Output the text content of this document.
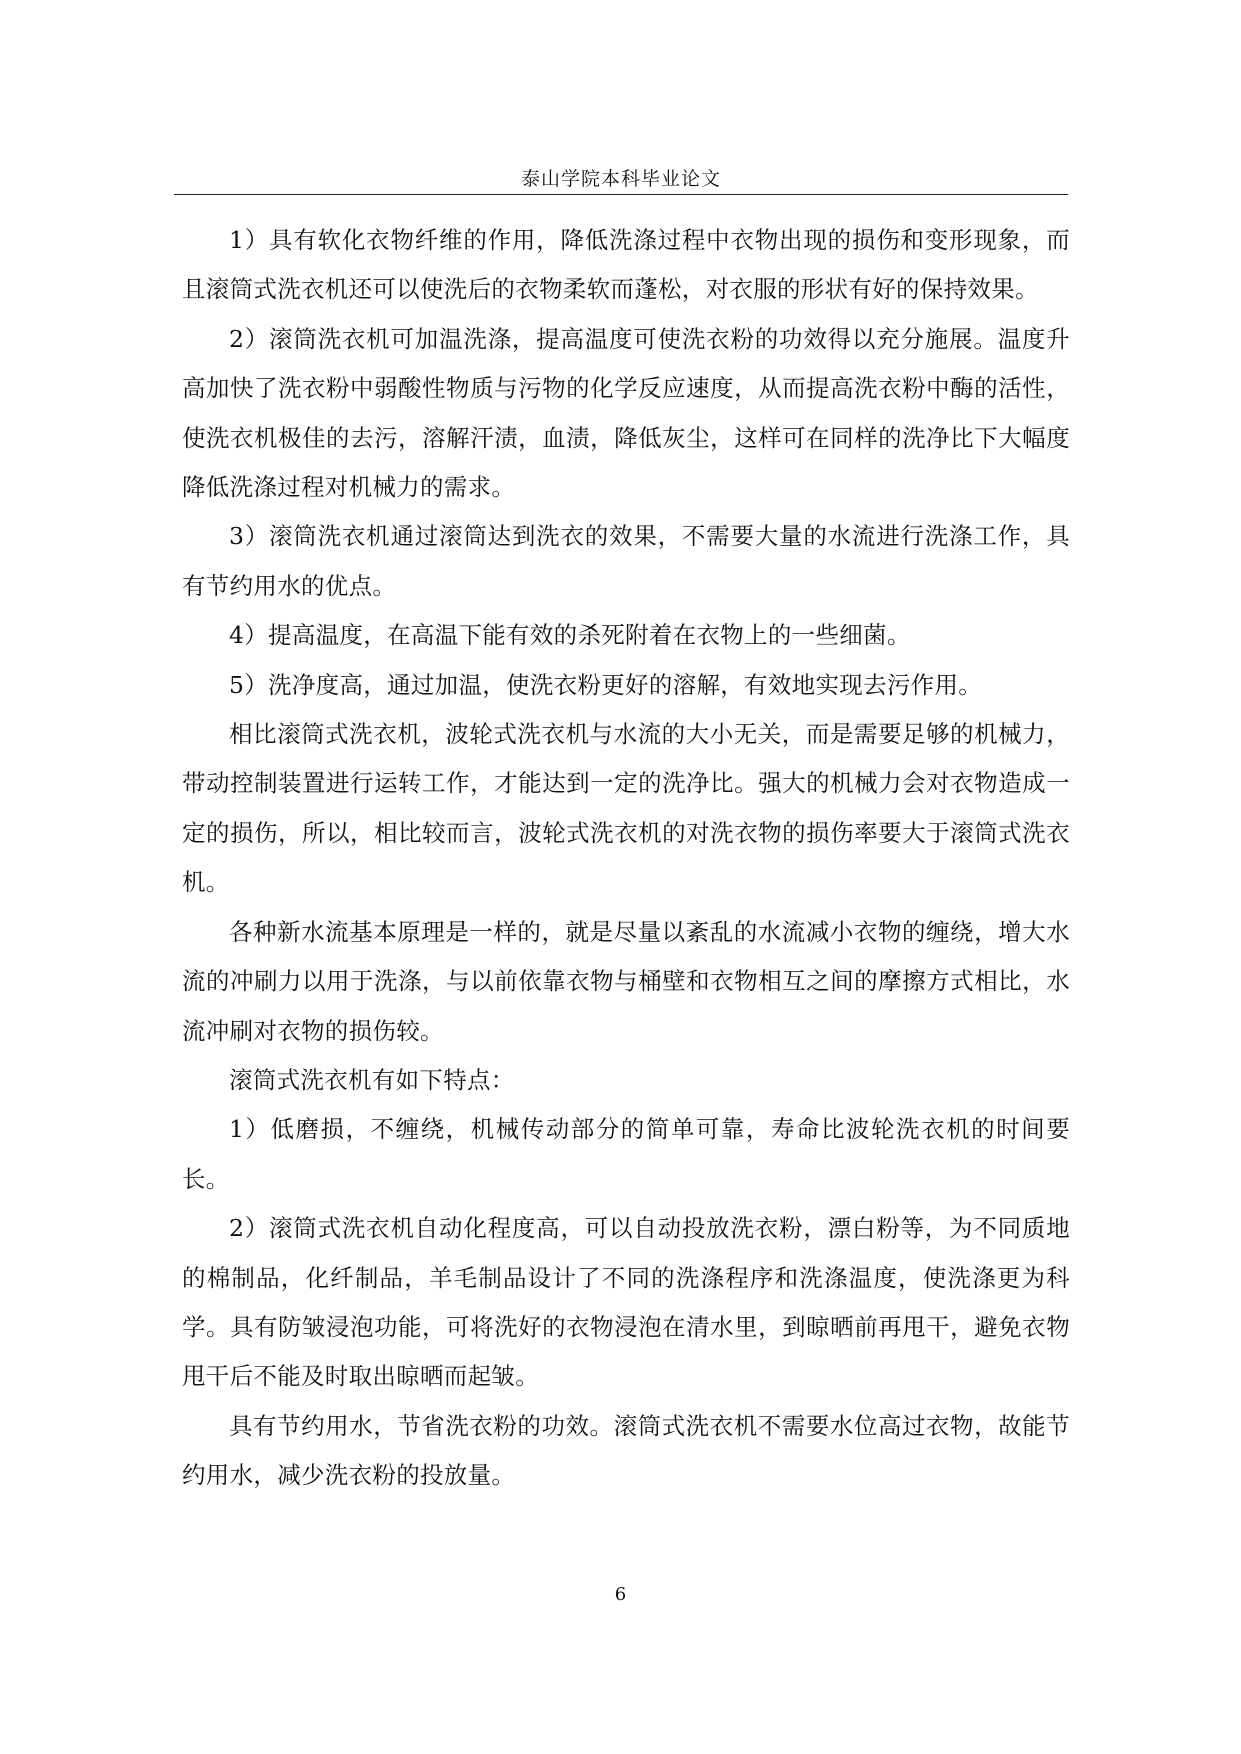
泰山学院本科毕业论文

1）具有软化衣物纤维的作用，降低洗涤过程中衣物出现的损伤和变形现象，而且滚筒式洗衣机还可以使洗后的衣物柔软而蓬松，对衣服的形状有好的保持效果。

2）滚筒洗衣机可加温洗涤，提高温度可使洗衣粉的功效得以充分施展。温度升高加快了洗衣粉中弱酸性物质与污物的化学反应速度，从而提高洗衣粉中酶的活性，使洗衣机极佳的去污，溶解汗渍，血渍，降低灰尘，这样可在同样的洗净比下大幅度降低洗涤过程对机械力的需求。

3）滚筒洗衣机通过滚筒达到洗衣的效果，不需要大量的水流进行洗涤工作，具有节约用水的优点。

4）提高温度，在高温下能有效的杀死附着在衣物上的一些细菌。

5）洗净度高，通过加温，使洗衣粉更好的溶解，有效地实现去污作用。

相比滚筒式洗衣机，波轮式洗衣机与水流的大小无关，而是需要足够的机械力，带动控制装置进行运转工作，才能达到一定的洗净比。强大的机械力会对衣物造成一定的损伤，所以，相比较而言，波轮式洗衣机的对洗衣物的损伤率要大于滚筒式洗衣机。

各种新水流基本原理是一样的，就是尽量以紊乱的水流减小衣物的缠绕，增大水流的冲刷力以用于洗涤，与以前依靠衣物与桶壁和衣物相互之间的摩擦方式相比，水流冲刷对衣物的损伤较。

滚筒式洗衣机有如下特点：

1）低磨损，不缠绕，机械传动部分的简单可靠，寿命比波轮洗衣机的时间要长。

2）滚筒式洗衣机自动化程度高，可以自动投放洗衣粉，漂白粉等，为不同质地的棉制品，化纤制品，羊毛制品设计了不同的洗涤程序和洗涤温度，使洗涤更为科学。具有防皱浸泡功能，可将洗好的衣物浸泡在清水里，到晾晒前再甩干，避免衣物甩干后不能及时取出晾晒而起皱。

具有节约用水，节省洗衣粉的功效。滚筒式洗衣机不需要水位高过衣物，故能节约用水，减少洗衣粉的投放量。

6
